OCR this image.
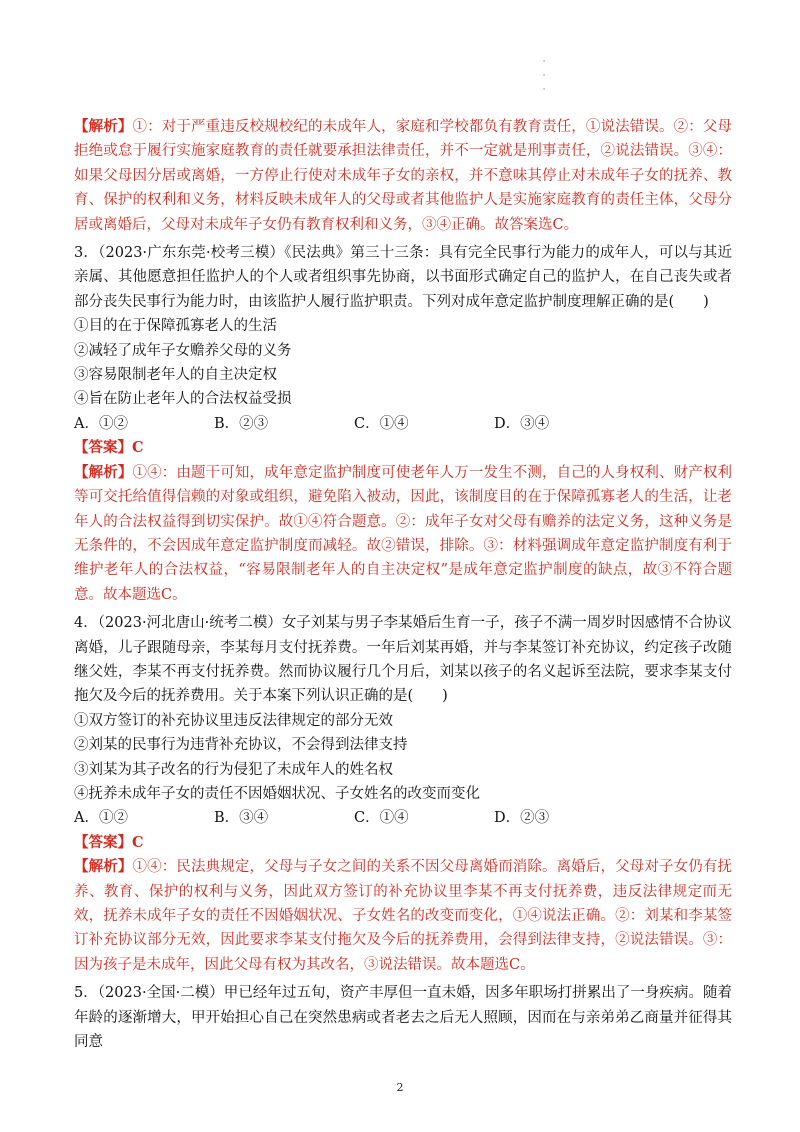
·
·
·

【解析】①：对于严重违反校规校纪的未成年人，家庭和学校都负有教育责任，①说法错误。②：父母拒绝或怠于履行实施家庭教育的责任就要承担法律责任，并不一定就是刑事责任，②说法错误。③④：如果父母因分居或离婚，一方停止行使对未成年子女的亲权，并不意味其停止对未成年子女的抚养、教育、保护的权利和义务，材料反映未成年人的父母或者其他监护人是实施家庭教育的责任主体，父母分居或离婚后，父母对未成年子女仍有教育权利和义务，③④正确。故答案选C。

3．（2023·广东东莞·校考三模）《民法典》第三十三条：具有完全民事行为能力的成年人，可以与其近亲属、其他愿意担任监护人的个人或者组织事先协商，以书面形式确定自己的监护人，在自己丧失或者部分丧失民事行为能力时，由该监护人履行监护职责。下列对成年意定监护制度理解正确的是(　　)

①目的在于保障孤寡老人的生活

②减轻了成年子女赡养父母的义务

③容易限制老年人的自主决定权

④旨在防止老年人的合法权益受损

A．①②	B．②③	C．①④	D．③④

【答案】C

【解析】①④：由题干可知，成年意定监护制度可使老年人万一发生不测，自己的人身权利、财产权利等可交托给值得信赖的对象或组织，避免陷入被动，因此，该制度目的在于保障孤寡老人的生活，让老年人的合法权益得到切实保护。故①④符合题意。②：成年子女对父母有赡养的法定义务，这种义务是无条件的，不会因成年意定监护制度而减轻。故②错误，排除。③：材料强调成年意定监护制度有利于维护老年人的合法权益，“容易限制老年人的自主决定权”是成年意定监护制度的缺点，故③不符合题意。故本题选C。

4．（2023·河北唐山·统考二模）女子刘某与男子李某婚后生育一子，孩子不满一周岁时因感情不合协议离婚，儿子跟随母亲，李某每月支付抚养费。一年后刘某再婚，并与李某签订补充协议，约定孩子改随继父姓，李某不再支付抚养费。然而协议履行几个月后，刘某以孩子的名义起诉至法院，要求李某支付拖欠及今后的抚养费用。关于本案下列认识正确的是(　　)

①双方签订的补充协议里违反法律规定的部分无效

②刘某的民事行为违背补充协议，不会得到法律支持

③刘某为其子改名的行为侵犯了未成年人的姓名权

④抚养未成年子女的责任不因婚姻状况、子女姓名的改变而变化

A．①②	B．③④	C．①④	D．②③

【答案】C

【解析】①④：民法典规定，父母与子女之间的关系不因父母离婚而消除。离婚后，父母对子女仍有抚养、教育、保护的权利与义务，因此双方签订的补充协议里李某不再支付抚养费，违反法律规定而无效，抚养未成年子女的责任不因婚姻状况、子女姓名的改变而变化，①④说法正确。②：刘某和李某签订补充协议部分无效，因此要求李某支付拖欠及今后的抚养费用，会得到法律支持，②说法错误。③：因为孩子是未成年，因此父母有权为其改名，③说法错误。故本题选C。

5．（2023·全国·二模）甲已经年过五旬，资产丰厚但一直未婚，因多年职场打拼累出了一身疾病。随着年龄的逐渐增大，甲开始担心自己在突然患病或者老去之后无人照顾，因而在与亲弟弟乙商量并征得其同意

2
